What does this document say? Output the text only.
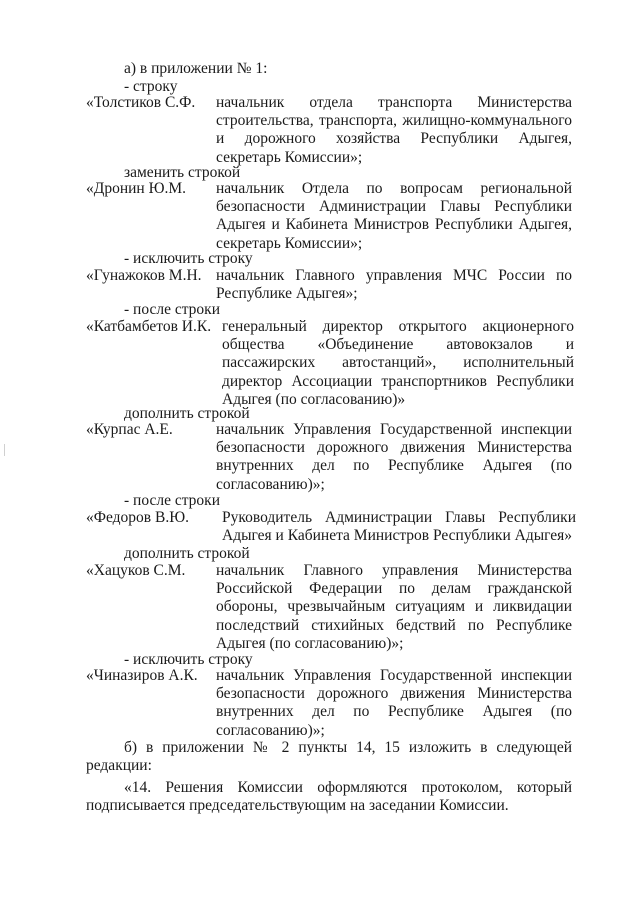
а) в приложении № 1:
- строку
«Толстиков С.Ф. начальник отдела транспорта Министерства строительства, транспорта, жилищно-коммунального и дорожного хозяйства Республики Адыгея, секретарь Комиссии»;
заменить строкой
«Дронин Ю.М. начальник Отдела по вопросам региональной безопасности Администрации Главы Республики Адыгея и Кабинета Министров Республики Адыгея, секретарь Комиссии»;
- исключить строку
«Гунажоков М.Н. начальник Главного управления МЧС России по Республике Адыгея»;
- после строки
«Катбамбетов И.К. генеральный директор открытого акционерного общества «Объединение автовокзалов и пассажирских автостанций», исполнительный директор Ассоциации транспортников Республики Адыгея (по согласованию)»
дополнить строкой
«Курпас А.Е.	начальник Управления Государственной инспекции безопасности дорожного движения Министерства внутренних дел по Республике Адыгея (по согласованию)»;
- после строки
«Федоров В.Ю. Руководитель Администрации Главы Республики Адыгея и Кабинета Министров Республики Адыгея»
дополнить строкой
«Хацуков С.М. начальник Главного управления Министерства Российской Федерации по делам гражданской обороны, чрезвычайным ситуациям и ликвидации последствий стихийных бедствий по Республике Адыгея (по согласованию)»;
- исключить строку
«Чиназиров А.К. начальник Управления Государственной инспекции безопасности дорожного движения Министерства внутренних дел по Республике Адыгея (по согласованию)»;
б) в приложении № 2 пункты 14, 15 изложить в следующей
редакции:
«14. Решения Комиссии оформляются протоколом, который
подписывается председательствующим на заседании Комиссии.
